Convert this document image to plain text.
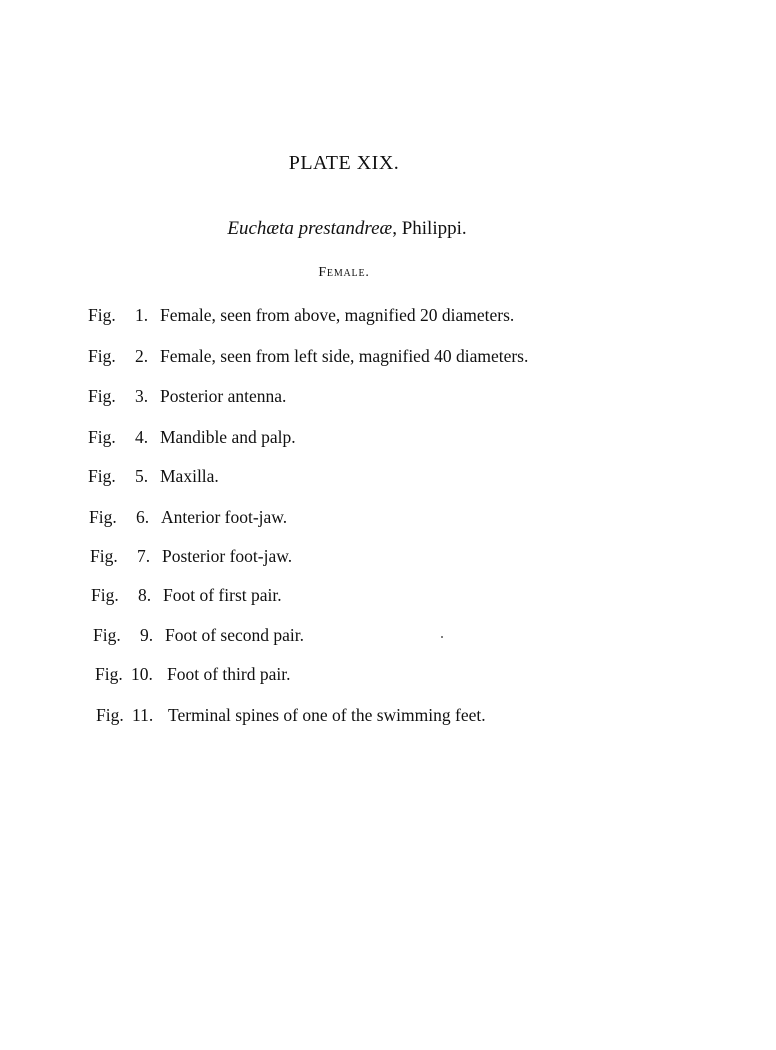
PLATE XIX.
Euchæta prestandreæ, Philippi.
Female.
Fig. 1. Female, seen from above, magnified 20 diameters.
Fig. 2. Female, seen from left side, magnified 40 diameters.
Fig. 3. Posterior antenna.
Fig. 4. Mandible and palp.
Fig. 5. Maxilla.
Fig. 6. Anterior foot-jaw.
Fig. 7. Posterior foot-jaw.
Fig. 8. Foot of first pair.
Fig. 9. Foot of second pair.
Fig. 10. Foot of third pair.
Fig. 11. Terminal spines of one of the swimming feet.
